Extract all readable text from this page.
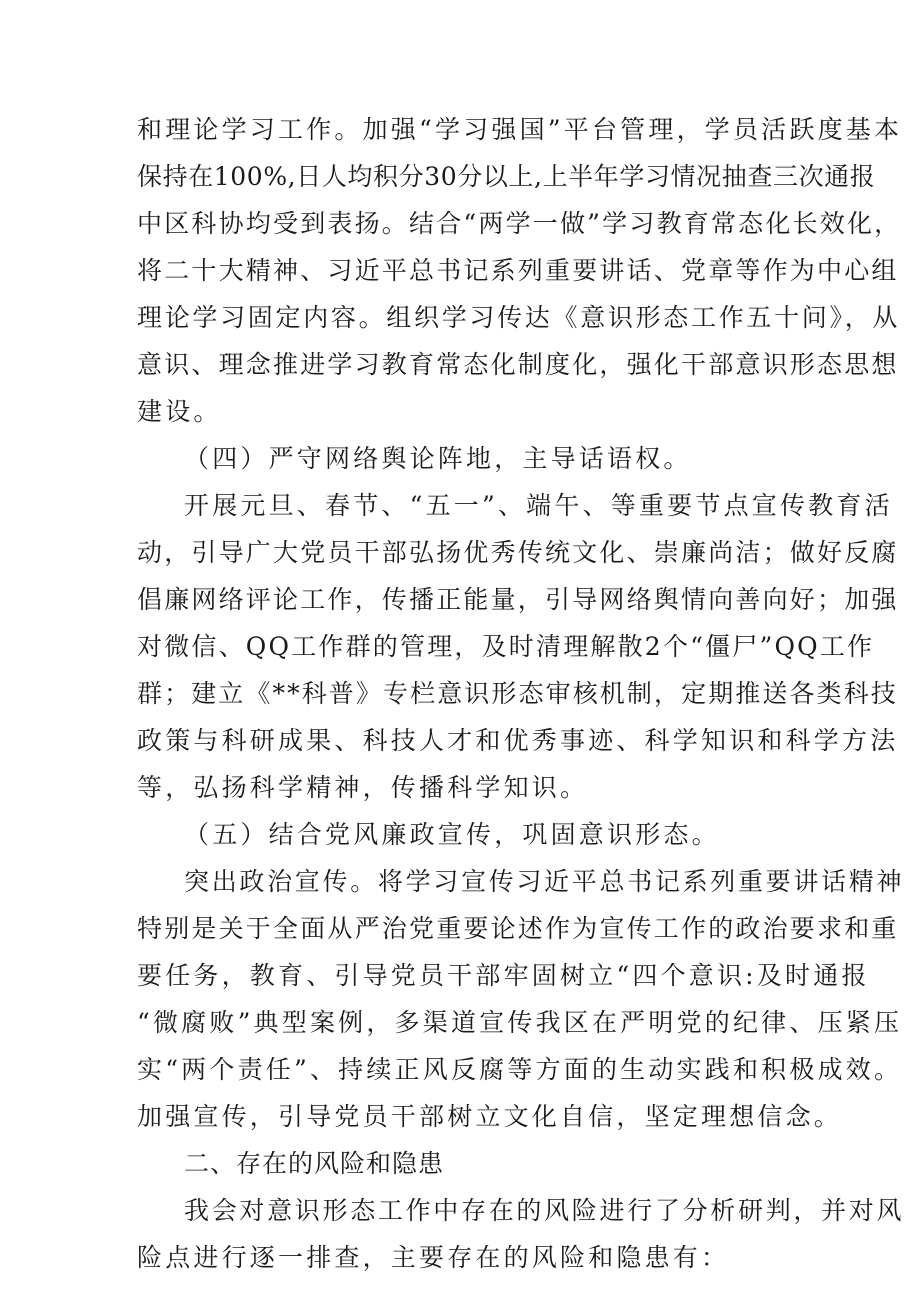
和理论学习工作。加强“学习强国”平台管理，学员活跃度基本
保持在100%,日人均积分30分以上,上半年学习情况抽查三次通报
中区科协均受到表扬。结合“两学一做”学习教育常态化长效化，
将二十大精神、习近平总书记系列重要讲话、党章等作为中心组
理论学习固定内容。组织学习传达《意识形态工作五十问》，从
意识、理念推进学习教育常态化制度化，强化干部意识形态思想
建设。
（四）严守网络舆论阵地，主导话语权。
开展元旦、春节、“五一”、端午、等重要节点宣传教育活
动，引导广大党员干部弘扬优秀传统文化、崇廉尚洁；做好反腐
倡廉网络评论工作，传播正能量，引导网络舆情向善向好；加强
对微信、QQ工作群的管理，及时清理解散2个“僵尸”QQ工作
群；建立《**科普》专栏意识形态审核机制，定期推送各类科技
政策与科研成果、科技人才和优秀事迹、科学知识和科学方法
等，弘扬科学精神，传播科学知识。
（五）结合党风廉政宣传，巩固意识形态。
突出政治宣传。将学习宣传习近平总书记系列重要讲话精神
特别是关于全面从严治党重要论述作为宣传工作的政治要求和重
要任务，教育、引导党员干部牢固树立“四个意识:及时通报
“微腐败”典型案例，多渠道宣传我区在严明党的纪律、压紧压
实“两个责任”、持续正风反腐等方面的生动实践和积极成效。
加强宣传，引导党员干部树立文化自信，坚定理想信念。
二、存在的风险和隐患
我会对意识形态工作中存在的风险进行了分析研判，并对风
险点进行逐一排查，主要存在的风险和隐患有：
